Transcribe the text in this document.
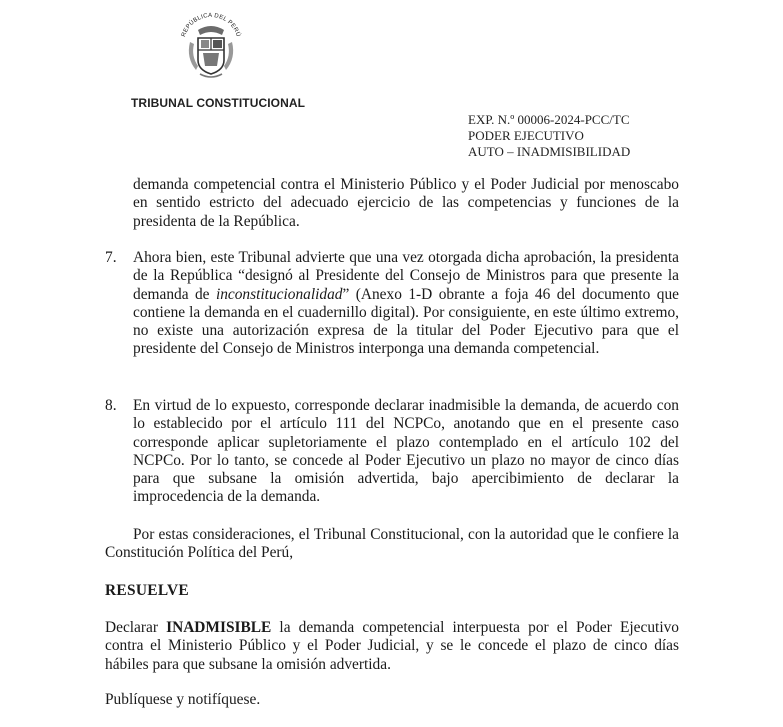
REPÚBLICA DEL PERÚ
TRIBUNAL CONSTITUCIONAL
EXP. N.º 00006-2024-PCC/TC
PODER EJECUTIVO
AUTO – INADMISIBILIDAD
demanda competencial contra el Ministerio Público y el Poder Judicial por menoscabo en sentido estricto del adecuado ejercicio de las competencias y funciones de la presidenta de la República.
7. Ahora bien, este Tribunal advierte que una vez otorgada dicha aprobación, la presidenta de la República “designó al Presidente del Consejo de Ministros para que presente la demanda de inconstitucionalidad” (Anexo 1-D obrante a foja 46 del documento que contiene la demanda en el cuadernillo digital). Por consiguiente, en este último extremo, no existe una autorización expresa de la titular del Poder Ejecutivo para que el presidente del Consejo de Ministros interponga una demanda competencial.
8. En virtud de lo expuesto, corresponde declarar inadmisible la demanda, de acuerdo con lo establecido por el artículo 111 del NCPCo, anotando que en el presente caso corresponde aplicar supletoriamente el plazo contemplado en el artículo 102 del NCPCo. Por lo tanto, se concede al Poder Ejecutivo un plazo no mayor de cinco días para que subsane la omisión advertida, bajo apercibimiento de declarar la improcedencia de la demanda.
Por estas consideraciones, el Tribunal Constitucional, con la autoridad que le confiere la Constitución Política del Perú,
RESUELVE
Declarar INADMISIBLE la demanda competencial interpuesta por el Poder Ejecutivo contra el Ministerio Público y el Poder Judicial, y se le concede el plazo de cinco días hábiles para que subsane la omisión advertida.
Publíquese y notifíquese.
